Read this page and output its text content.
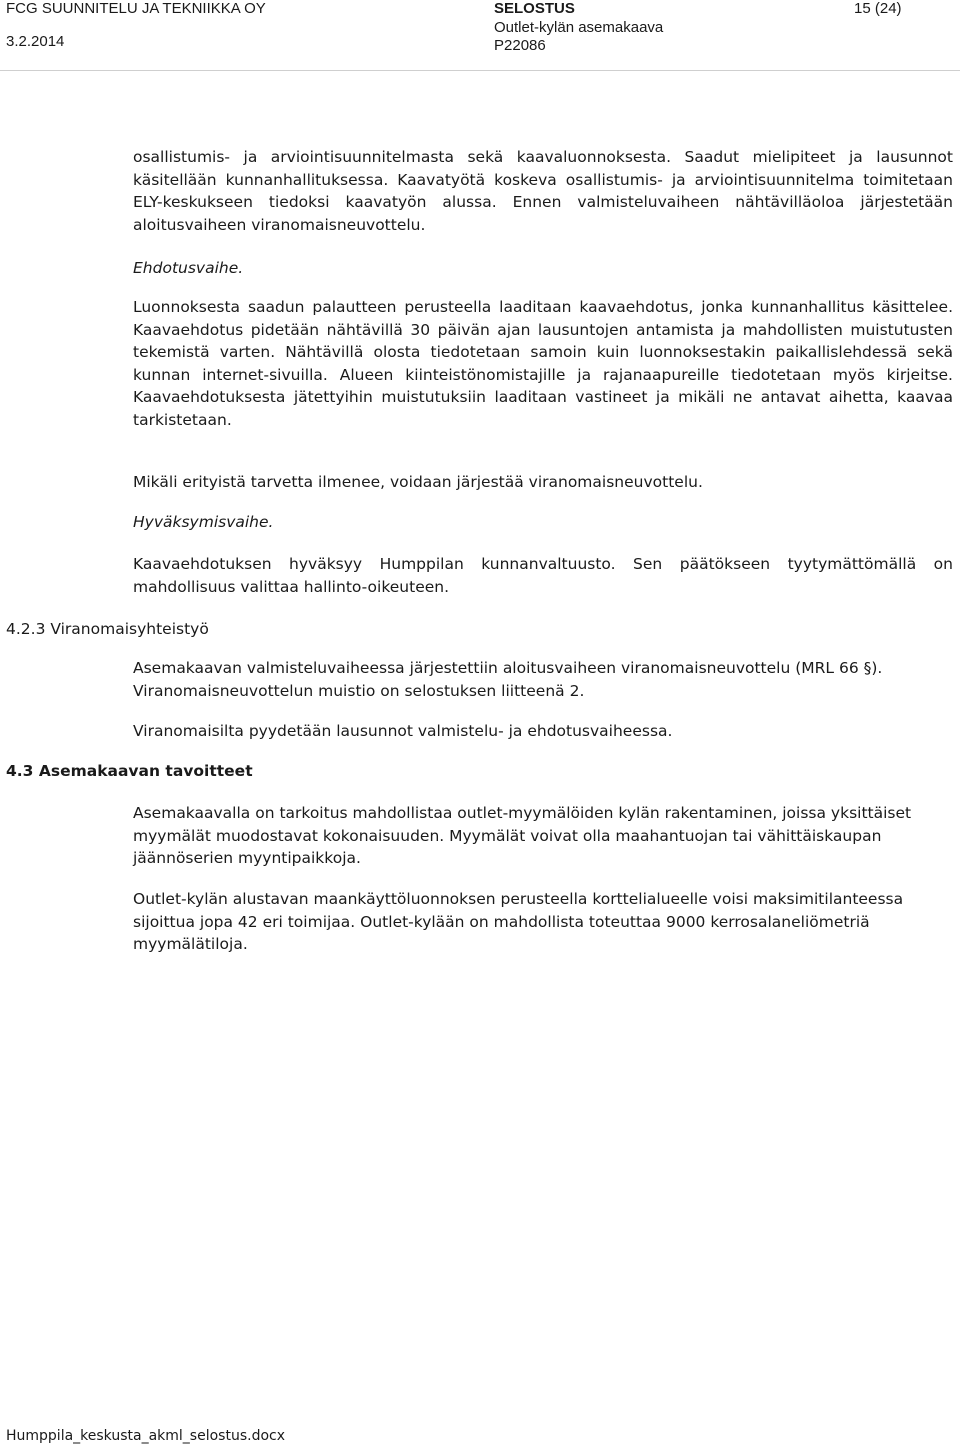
FCG SUUNNITELU JA TEKNIIKKA OY
3.2.2014
SELOSTUS
Outlet-kylän asemakaava
P22086
15 (24)
osallistumis- ja arviointisuunnitelmasta sekä kaavaluonnoksesta. Saadut mielipiteet ja lausunnot käsitellään kunnanhallituksessa. Kaavatyötä koskeva osallistumis- ja arviointisuunnitelma toimitetaan ELY-keskukseen tiedoksi kaavatyön alussa. Ennen valmisteluvaiheen nähtävilläoloa järjestetään aloitusvaiheen viranomaisneuvottelu.
Ehdotusvaihe.
Luonnoksesta saadun palautteen perusteella laaditaan kaavaehdotus, jonka kunnanhallitus käsittelee. Kaavaehdotus pidetään nähtävillä 30 päivän ajan lausuntojen antamista ja mahdollisten muistutusten tekemistä varten. Nähtävillä olosta tiedotetaan samoin kuin luonnoksestakin paikallislehdessä sekä kunnan internet-sivuilla. Alueen kiinteistönomistajille ja rajanaapureille tiedotetaan myös kirjeitse. Kaavaehdotuksesta jätettyihin muistutuksiin laaditaan vastineet ja mikäli ne antavat aihetta, kaavaa tarkistetaan.
Mikäli erityistä tarvetta ilmenee, voidaan järjestää viranomaisneuvottelu.
Hyväksymisvaihe.
Kaavaehdotuksen hyväksyy Humppilan kunnanvaltuusto. Sen päätökseen tyytymättömällä on mahdollisuus valittaa hallinto-oikeuteen.
4.2.3 Viranomaisyhteistyö
Asemakaavan valmisteluvaiheessa järjestettiin aloitusvaiheen viranomaisneuvottelu (MRL 66 §). Viranomaisneuvottelun muistio on selostuksen liitteenä 2.
Viranomaisilta pyydetään lausunnot valmistelu- ja ehdotusvaiheessa.
4.3 Asemakaavan tavoitteet
Asemakaavalla on tarkoitus mahdollistaa outlet-myymälöiden kylän rakentaminen, joissa yksittäiset myymälät muodostavat kokonaisuuden. Myymälät voivat olla maahantuojan tai vähittäiskaupan jäännöserien myyntipaikkoja.
Outlet-kylän alustavan maankäyttöluonnoksen perusteella korttelialueelle voisi maksimitilanteessa sijoittua jopa 42 eri toimijaa. Outlet-kylään on mahdollista toteuttaa 9000 kerrosalaneliömetriä myymälätiloja.
Humppila_keskusta_akml_selostus.docx
